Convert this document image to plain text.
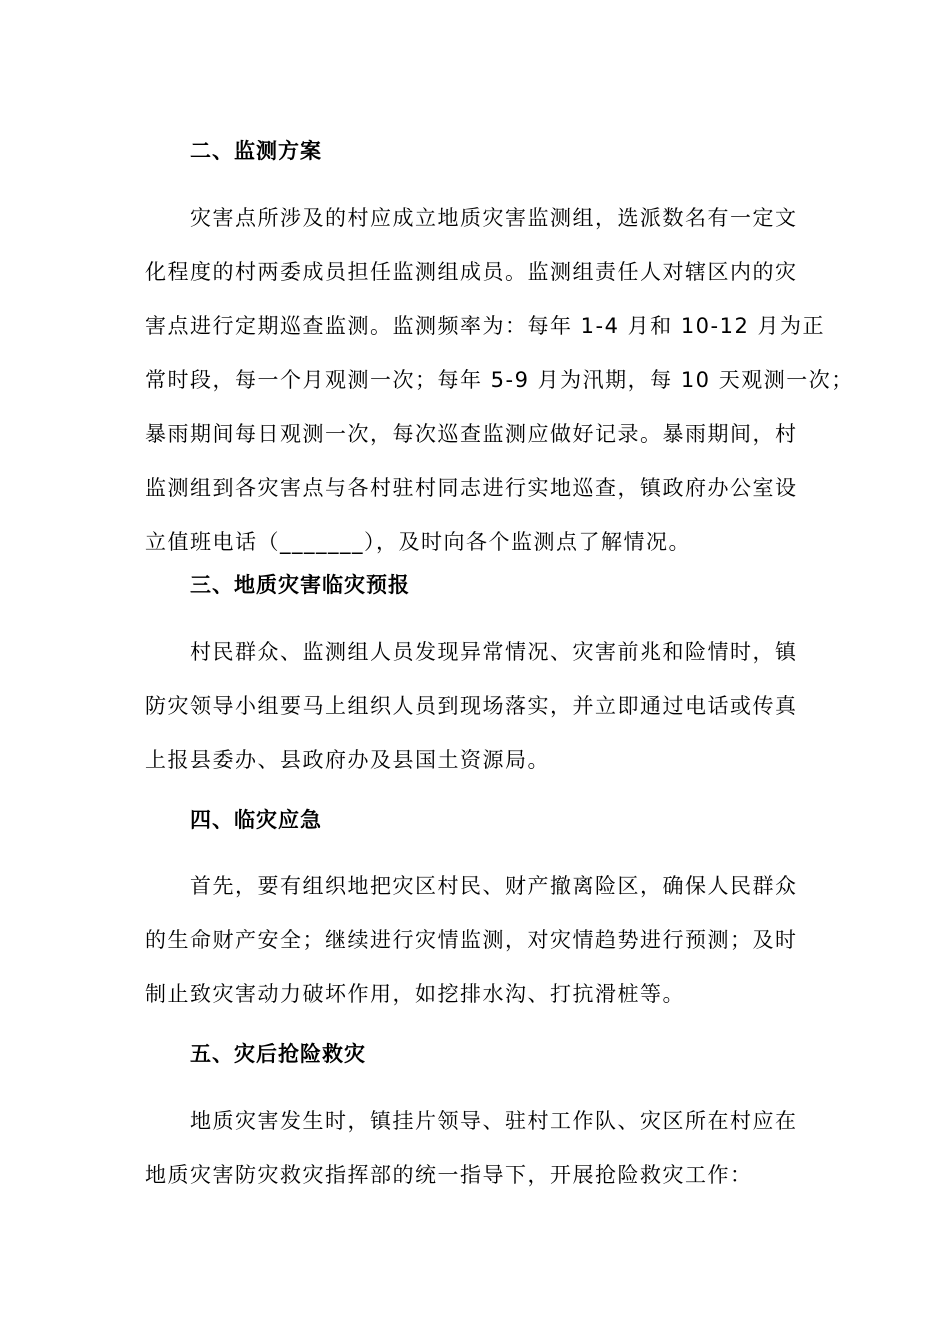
二、监测方案
灾害点所涉及的村应成立地质灾害监测组，选派数名有一定文
化程度的村两委成员担任监测组成员。监测组责任人对辖区内的灾
害点进行定期巡查监测。监测频率为：每年 1-4 月和 10-12 月为正
常时段，每一个月观测一次；每年 5-9 月为汛期，每 10 天观测一次；
暴雨期间每日观测一次，每次巡查监测应做好记录。暴雨期间，村
监测组到各灾害点与各村驻村同志进行实地巡查，镇政府办公室设
立值班电话（_______），及时向各个监测点了解情况。
三、地质灾害临灾预报
村民群众、监测组人员发现异常情况、灾害前兆和险情时，镇
防灾领导小组要马上组织人员到现场落实，并立即通过电话或传真
上报县委办、县政府办及县国土资源局。
四、临灾应急
首先，要有组织地把灾区村民、财产撤离险区，确保人民群众
的生命财产安全；继续进行灾情监测，对灾情趋势进行预测；及时
制止致灾害动力破坏作用，如挖排水沟、打抗滑桩等。
五、灾后抢险救灾
地质灾害发生时，镇挂片领导、驻村工作队、灾区所在村应在
地质灾害防灾救灾指挥部的统一指导下，开展抢险救灾工作：
